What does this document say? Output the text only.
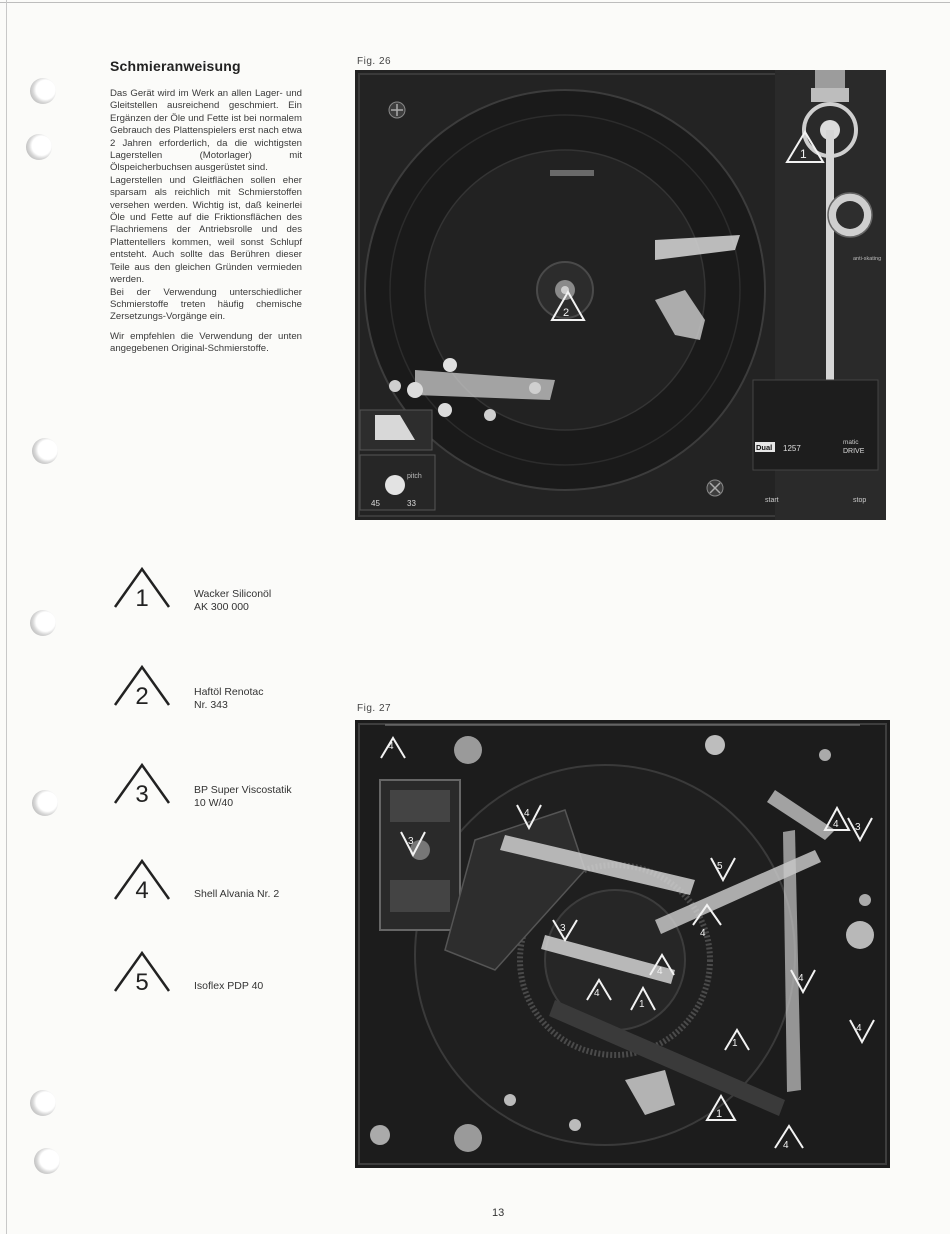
Schmieranweisung

Das Gerät wird im Werk an allen Lager- und Gleitstellen ausreichend geschmiert. Ein Ergänzen der Öle und Fette ist bei normalem Gebrauch des Plattenspielers erst nach etwa 2 Jahren erforderlich, da die wichtigsten Lagerstellen (Motorlager) mit Ölspeicherbuchsen ausgerüstet sind.

Lagerstellen und Gleitflächen sollen eher sparsam als reichlich mit Schmierstoffen versehen werden. Wichtig ist, daß keinerlei Öle und Fette auf die Friktionsflächen des Flachriemens der Antriebsrolle und des Plattentellers kommen, weil sonst Schlupf entsteht. Auch sollte das Berühren dieser Teile aus den gleichen Gründen vermieden werden.

Bei der Verwendung unterschiedlicher Schmierstoffe treten häufig chemische Zersetzungs-Vorgänge ein.

Wir empfehlen die Verwendung der unten angegebenen Original-Schmierstoffe.

Fig. 26
45	33
pitch
Dual 1257
matic
DRIVE
start	stop
anti-skating
1
2
Fig. 27
4
4
3
5
4
4
3
4
4
4
1
4
1
3
1
4
1	Wacker Siliconöl
AK 300 000
2	Haftöl Renotac
Nr. 343
3	BP Super Viscostatik
10 W/40
4	Shell Alvania Nr. 2
5	Isoflex PDP 40
13
